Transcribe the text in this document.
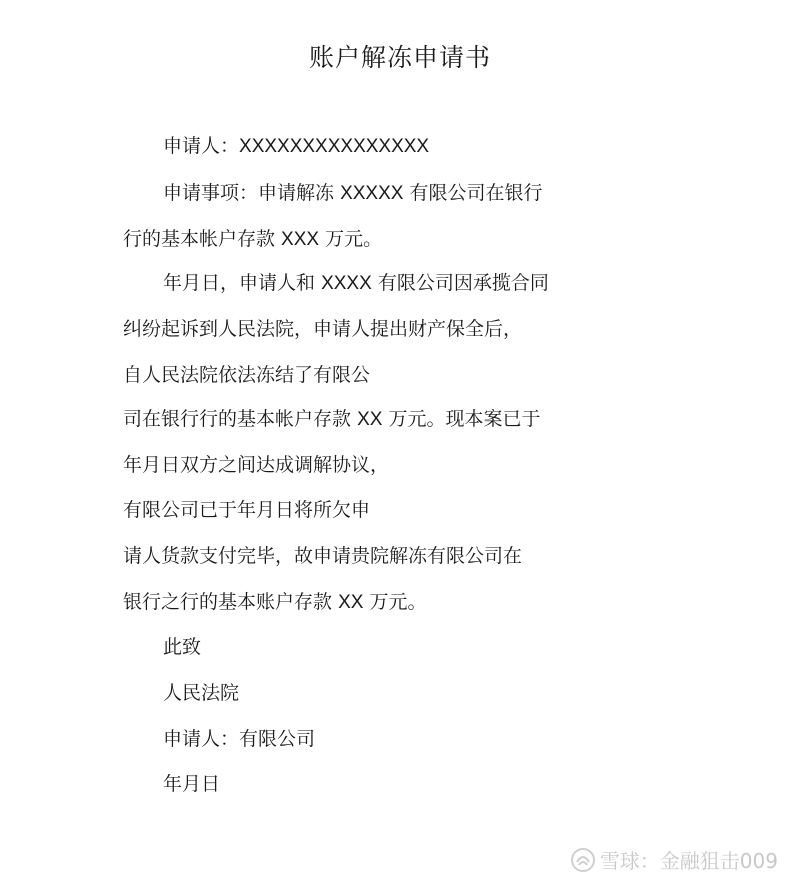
账户解冻申请书
申请人：XXXXXXXXXXXXXXX
申请事项：申请解冻 XXXXX 有限公司在银行
行的基本帐户存款 XXX 万元。
年月日，申请人和 XXXX 有限公司因承揽合同
纠纷起诉到人民法院，申请人提出财产保全后，
自人民法院依法冻结了有限公
司在银行行的基本帐户存款 XX 万元。现本案已于
年月日双方之间达成调解协议，
有限公司已于年月日将所欠申
请人货款支付完毕，故申请贵院解冻有限公司在
银行之行的基本账户存款 XX 万元。
此致
人民法院
申请人：有限公司
年月日
雪球：金融狙击009
